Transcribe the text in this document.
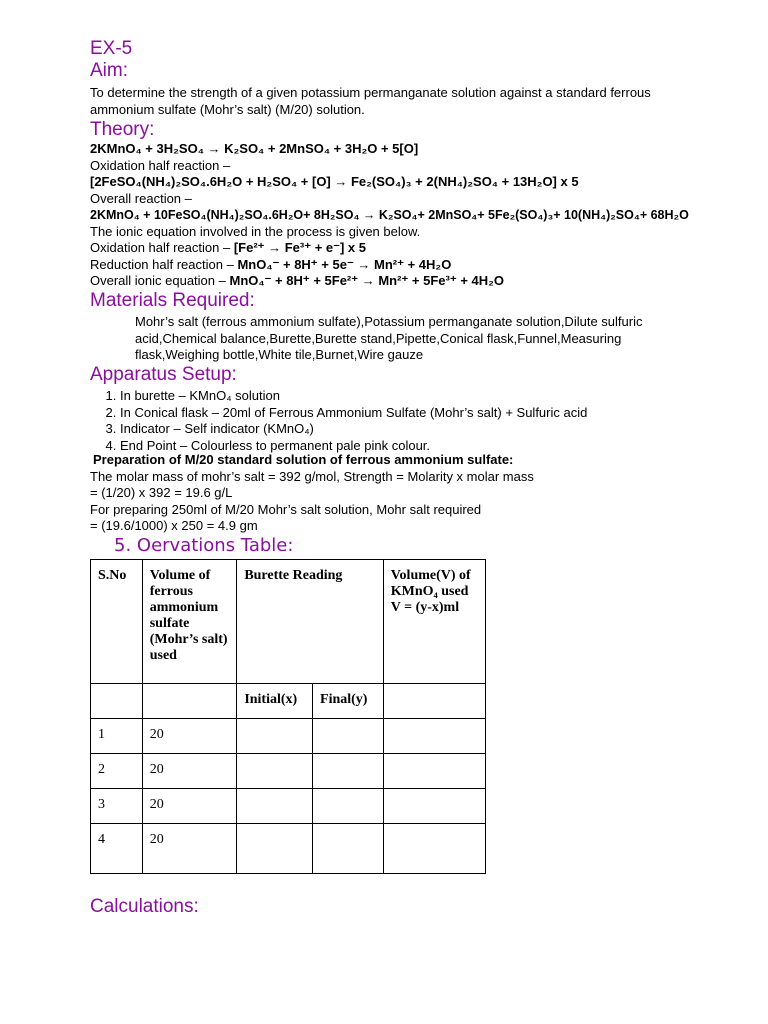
EX-5

Aim:

To determine the strength of a given potassium permanganate solution against a standard ferrous ammonium sulfate (Mohr’s salt) (M/20) solution.

Theory:

2KMnO₄ + 3H₂SO₄ → K₂SO₄ + 2MnSO₄ + 3H₂O + 5[O]

Oxidation half reaction –

[2FeSO₄(NH₄)₂SO₄.6H₂O + H₂SO₄ + [O] → Fe₂(SO₄)₃ + 2(NH₄)₂SO₄ + 13H₂O] x 5

Overall reaction –

2KMnO₄ + 10FeSO₄(NH₄)₂SO₄.6H₂O+ 8H₂SO₄ → K₂SO₄+ 2MnSO₄+ 5Fe₂(SO₄)₃+ 10(NH₄)₂SO₄+ 68H₂O

The ionic equation involved in the process is given below.

Oxidation half reaction – [Fe²⁺ → Fe³⁺ + e⁻] x 5

Reduction half reaction – MnO₄⁻ + 8H⁺ + 5e⁻ → Mn²⁺ + 4H₂O

Overall ionic equation – MnO₄⁻ + 8H⁺ + 5Fe²⁺ → Mn²⁺ + 5Fe³⁺ + 4H₂O

Materials Required:

Mohr’s salt (ferrous ammonium sulfate),Potassium permanganate solution,Dilute sulfuric acid,Chemical balance,Burette,Burette stand,Pipette,Conical flask,Funnel,Measuring flask,Weighing bottle,White tile,Burnet,Wire gauze

Apparatus Setup:

1. In burette – KMnO₄ solution
2. In Conical flask – 20ml of Ferrous Ammonium Sulfate (Mohr’s salt) + Sulfuric acid
3. Indicator – Self indicator (KMnO₄)
4. End Point – Colourless to permanent pale pink colour.

Preparation of M/20 standard solution of ferrous ammonium sulfate:

The molar mass of mohr’s salt = 392 g/mol, Strength = Molarity x molar mass

= (1/20) x 392 = 19.6 g/L

For preparing 250ml of M/20 Mohr’s salt solution, Mohr salt required

= (19.6/1000) x 250 = 4.9 gm

5. Oervations Table:

S.No	Volume of ferrous ammonium sulfate (Mohr’s salt) used	Burette Reading		Volume(V) of KMnO₄ used V = (y-x)ml
		Initial(x)	Final(y)	
1	20			
2	20			
3	20			
4	20			

Calculations:
